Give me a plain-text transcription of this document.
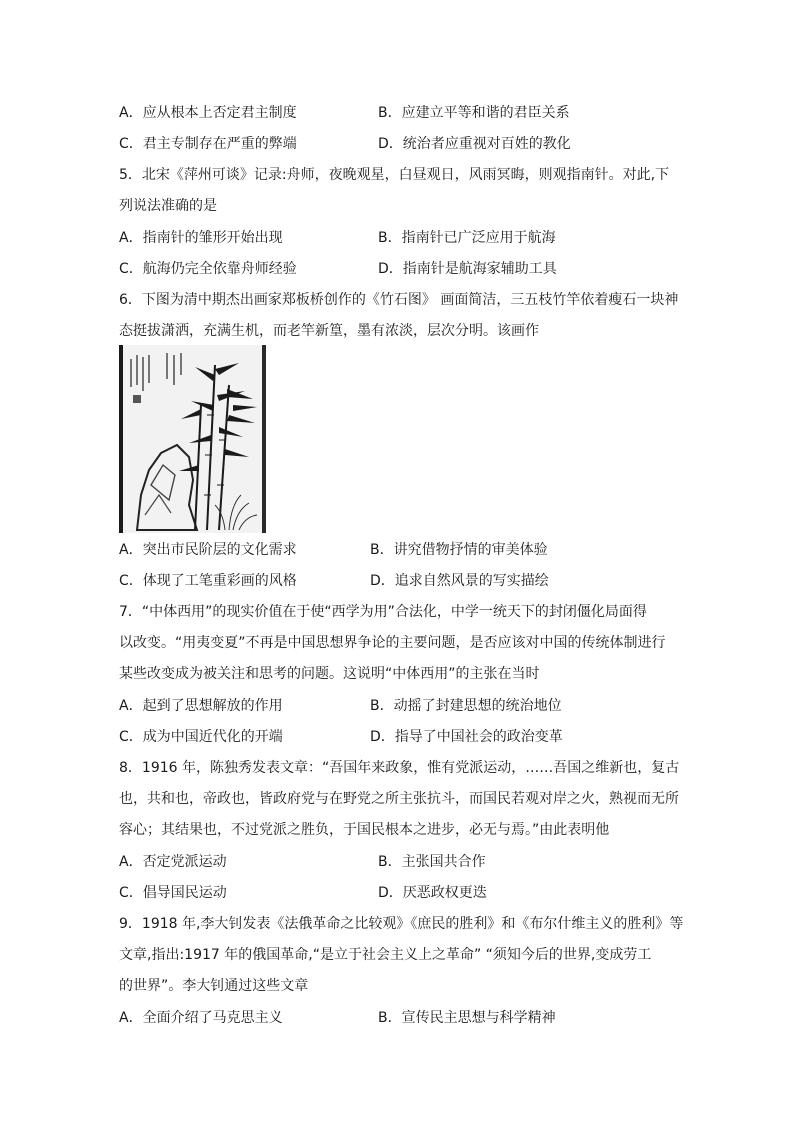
A．应从根本上否定君主制度	B．应建立平等和谐的君臣关系
C．君主专制存在严重的弊端	D．统治者应重视对百姓的教化
5．北宋《萍州可谈》记录:舟师，夜晚观星，白昼观日，风雨冥晦，则观指南针。对此,下
列说法准确的是
A．指南针的雏形开始出现	B．指南针已广泛应用于航海
C．航海仍完全依靠舟师经验	D．指南针是航海家辅助工具
6．下图为清中期杰出画家郑板桥创作的《竹石图》 画面简洁，三五枝竹竿依着瘦石一块神
态挺拔潇洒，充满生机，而老竿新篁，墨有浓淡，层次分明。该画作
A．突出市民阶层的文化需求	B．讲究借物抒情的审美体验
C．体现了工笔重彩画的风格	D．追求自然风景的写实描绘
7．“中体西用”的现实价值在于使“西学为用”合法化，中学一统天下的封闭僵化局面得
以改变。“用夷变夏”不再是中国思想界争论的主要问题，是否应该对中国的传统体制进行
某些改变成为被关注和思考的问题。这说明“中体西用”的主张在当时
A．起到了思想解放的作用	B．动摇了封建思想的统治地位
C．成为中国近代化的开端	D．指导了中国社会的政治变革
8．1916 年，陈独秀发表文章：“吾国年来政象，惟有党派运动，……吾国之维新也，复古
也，共和也，帝政也，皆政府党与在野党之所主张抗斗，而国民若观对岸之火，熟视而无所
容心；其结果也，不过党派之胜负，于国民根本之进步，必无与焉。”由此表明他
A．否定党派运动	B．主张国共合作
C．倡导国民运动	D．厌恶政权更迭
9．1918 年,李大钊发表《法俄革命之比较观》《庶民的胜利》和《布尔什维主义的胜利》等
文章,指出:1917 年的俄国革命,“是立于社会主义上之革命” “须知今后的世界,变成劳工
的世界”。李大钊通过这些文章
A．全面介绍了马克思主义	B．宣传民主思想与科学精神
